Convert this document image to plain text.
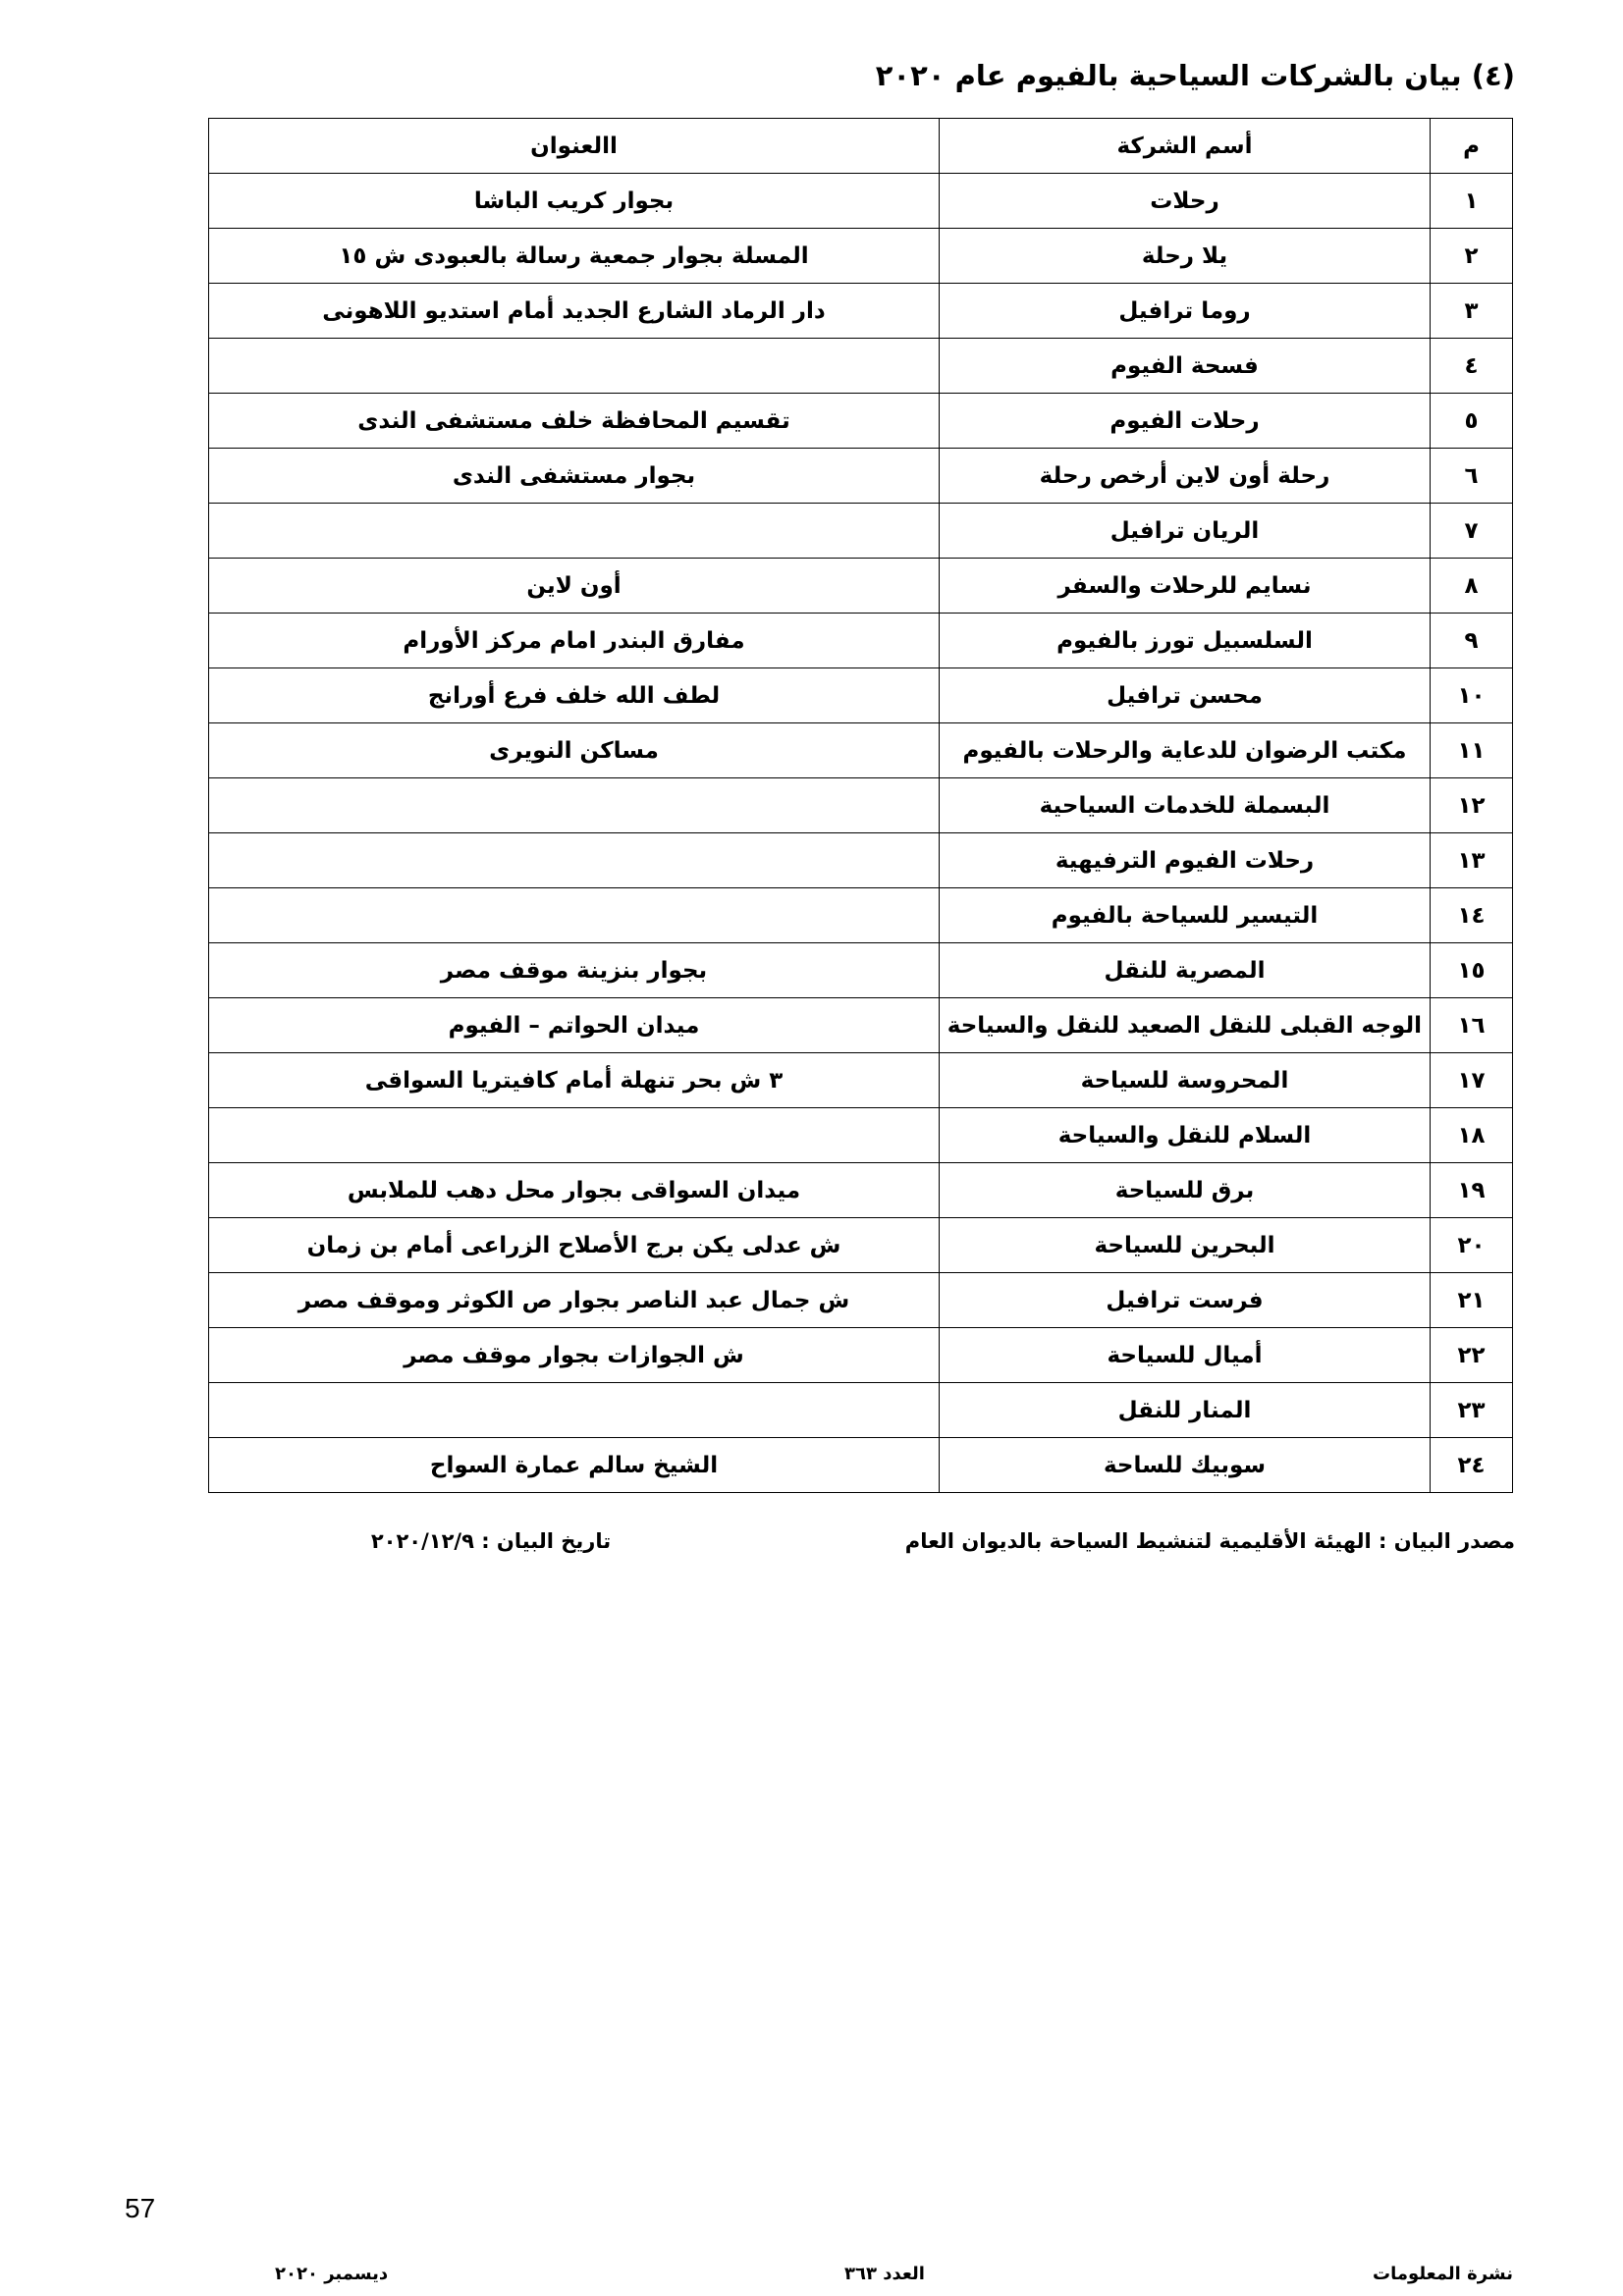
(٤) بيان بالشركات السياحية بالفيوم عام ٢٠٢٠
م	أسم الشركة	االعنوان
١	رحلات	بجوار كريب الباشا
٢	يلا رحلة	المسلة بجوار جمعية رسالة بالعبودى ش ١٥
٣	روما ترافيل	دار الرماد الشارع الجديد أمام استديو اللاهونى
٤	فسحة الفيوم	
٥	رحلات الفيوم	تقسيم المحافظة خلف مستشفى الندى
٦	رحلة أون لاين أرخص رحلة	بجوار مستشفى الندى
٧	الريان ترافيل	
٨	نسايم للرحلات والسفر	أون لاين
٩	السلسبيل تورز بالفيوم	مفارق البندر امام مركز الأورام
١٠	محسن ترافيل	لطف الله خلف فرع أورانج
١١	مكتب الرضوان للدعاية والرحلات بالفيوم	مساكن النويرى
١٢	البسملة للخدمات السياحية	
١٣	رحلات الفيوم الترفيهية	
١٤	التيسير للسياحة بالفيوم	
١٥	المصرية للنقل	بجوار بنزينة موقف مصر
١٦	الوجه القبلى للنقل الصعيد للنقل والسياحة	ميدان الحواتم – الفيوم
١٧	المحروسة للسياحة	٣ ش بحر تنهلة أمام كافيتريا السواقى
١٨	السلام للنقل والسياحة	
١٩	برق للسياحة	ميدان السواقى بجوار محل دهب للملابس
٢٠	البحرين للسياحة	ش عدلى يكن برج الأصلاح الزراعى أمام بن زمان
٢١	فرست ترافيل	ش جمال عبد الناصر بجوار ص الكوثر وموقف مصر
٢٢	أميال للسياحة	ش الجوازات بجوار موقف مصر
٢٣	المنار للنقل	
٢٤	سوبيك للساحة	الشيخ سالم عمارة السواح
مصدر البيان : الهيئة الأقليمية لتنشيط السياحة بالديوان العام
تاريخ البيان : ٢٠٢٠/١٢/٩
57
نشرة المعلومات
العدد ٣٦٣
ديسمبر ٢٠٢٠
